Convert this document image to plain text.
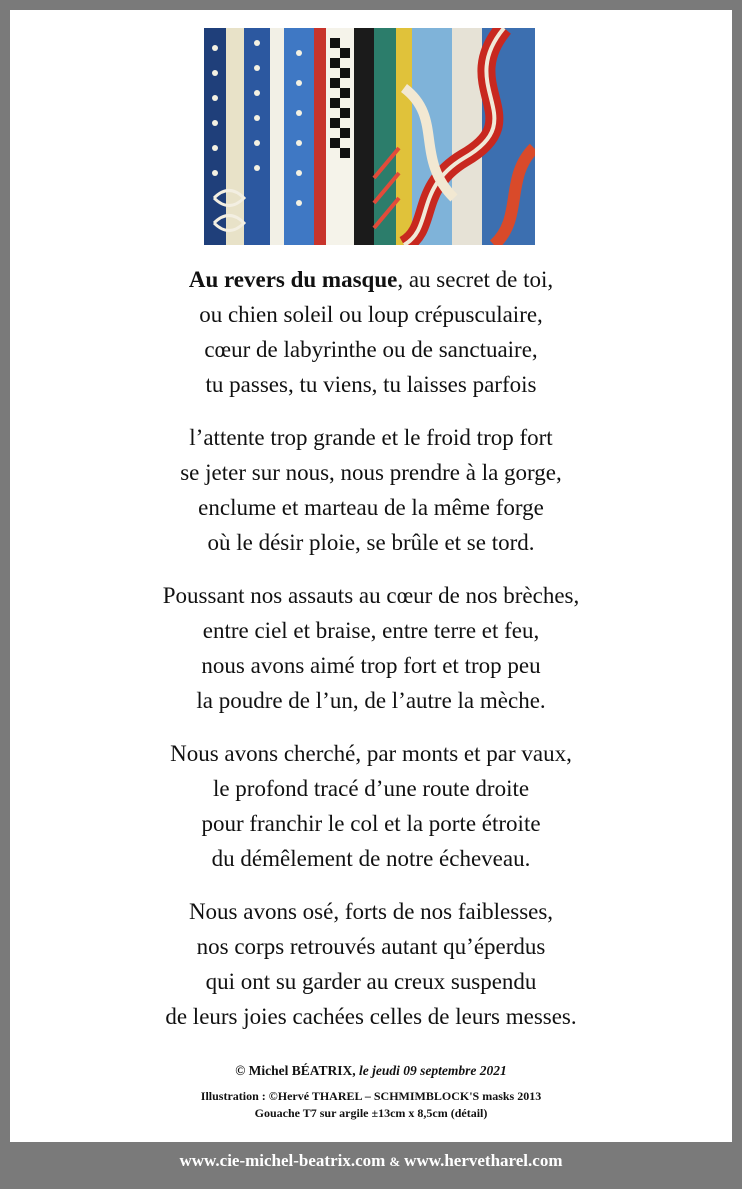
Au revers du masque, au secret de toi,
ou chien soleil ou loup crépusculaire,
cœur de labyrinthe ou de sanctuaire,
tu passes, tu viens, tu laisses parfois
l’attente trop grande et le froid trop fort
se jeter sur nous, nous prendre à la gorge,
enclume et marteau de la même forge
où le désir ploie, se brûle et se tord.
Poussant nos assauts au cœur de nos brèches,
entre ciel et braise, entre terre et feu,
nous avons aimé trop fort et trop peu
la poudre de l’un, de l’autre la mèche.
Nous avons cherché, par monts et par vaux,
le profond tracé d’une route droite
pour franchir le col et la porte étroite
du démêlement de notre écheveau.
Nous avons osé, forts de nos faiblesses,
nos corps retrouvés autant qu’éperdus
qui ont su garder au creux suspendu
de leurs joies cachées celles de leurs messes.
© Michel BÉATRIX, le jeudi 09 septembre 2021
Illustration : ©Hervé THAREL – SCHMIMBLOCK'S masks 2013
Gouache T7 sur argile ±13cm x 8,5cm (détail)
www.cie-michel-beatrix.com & www.hervetharel.com
